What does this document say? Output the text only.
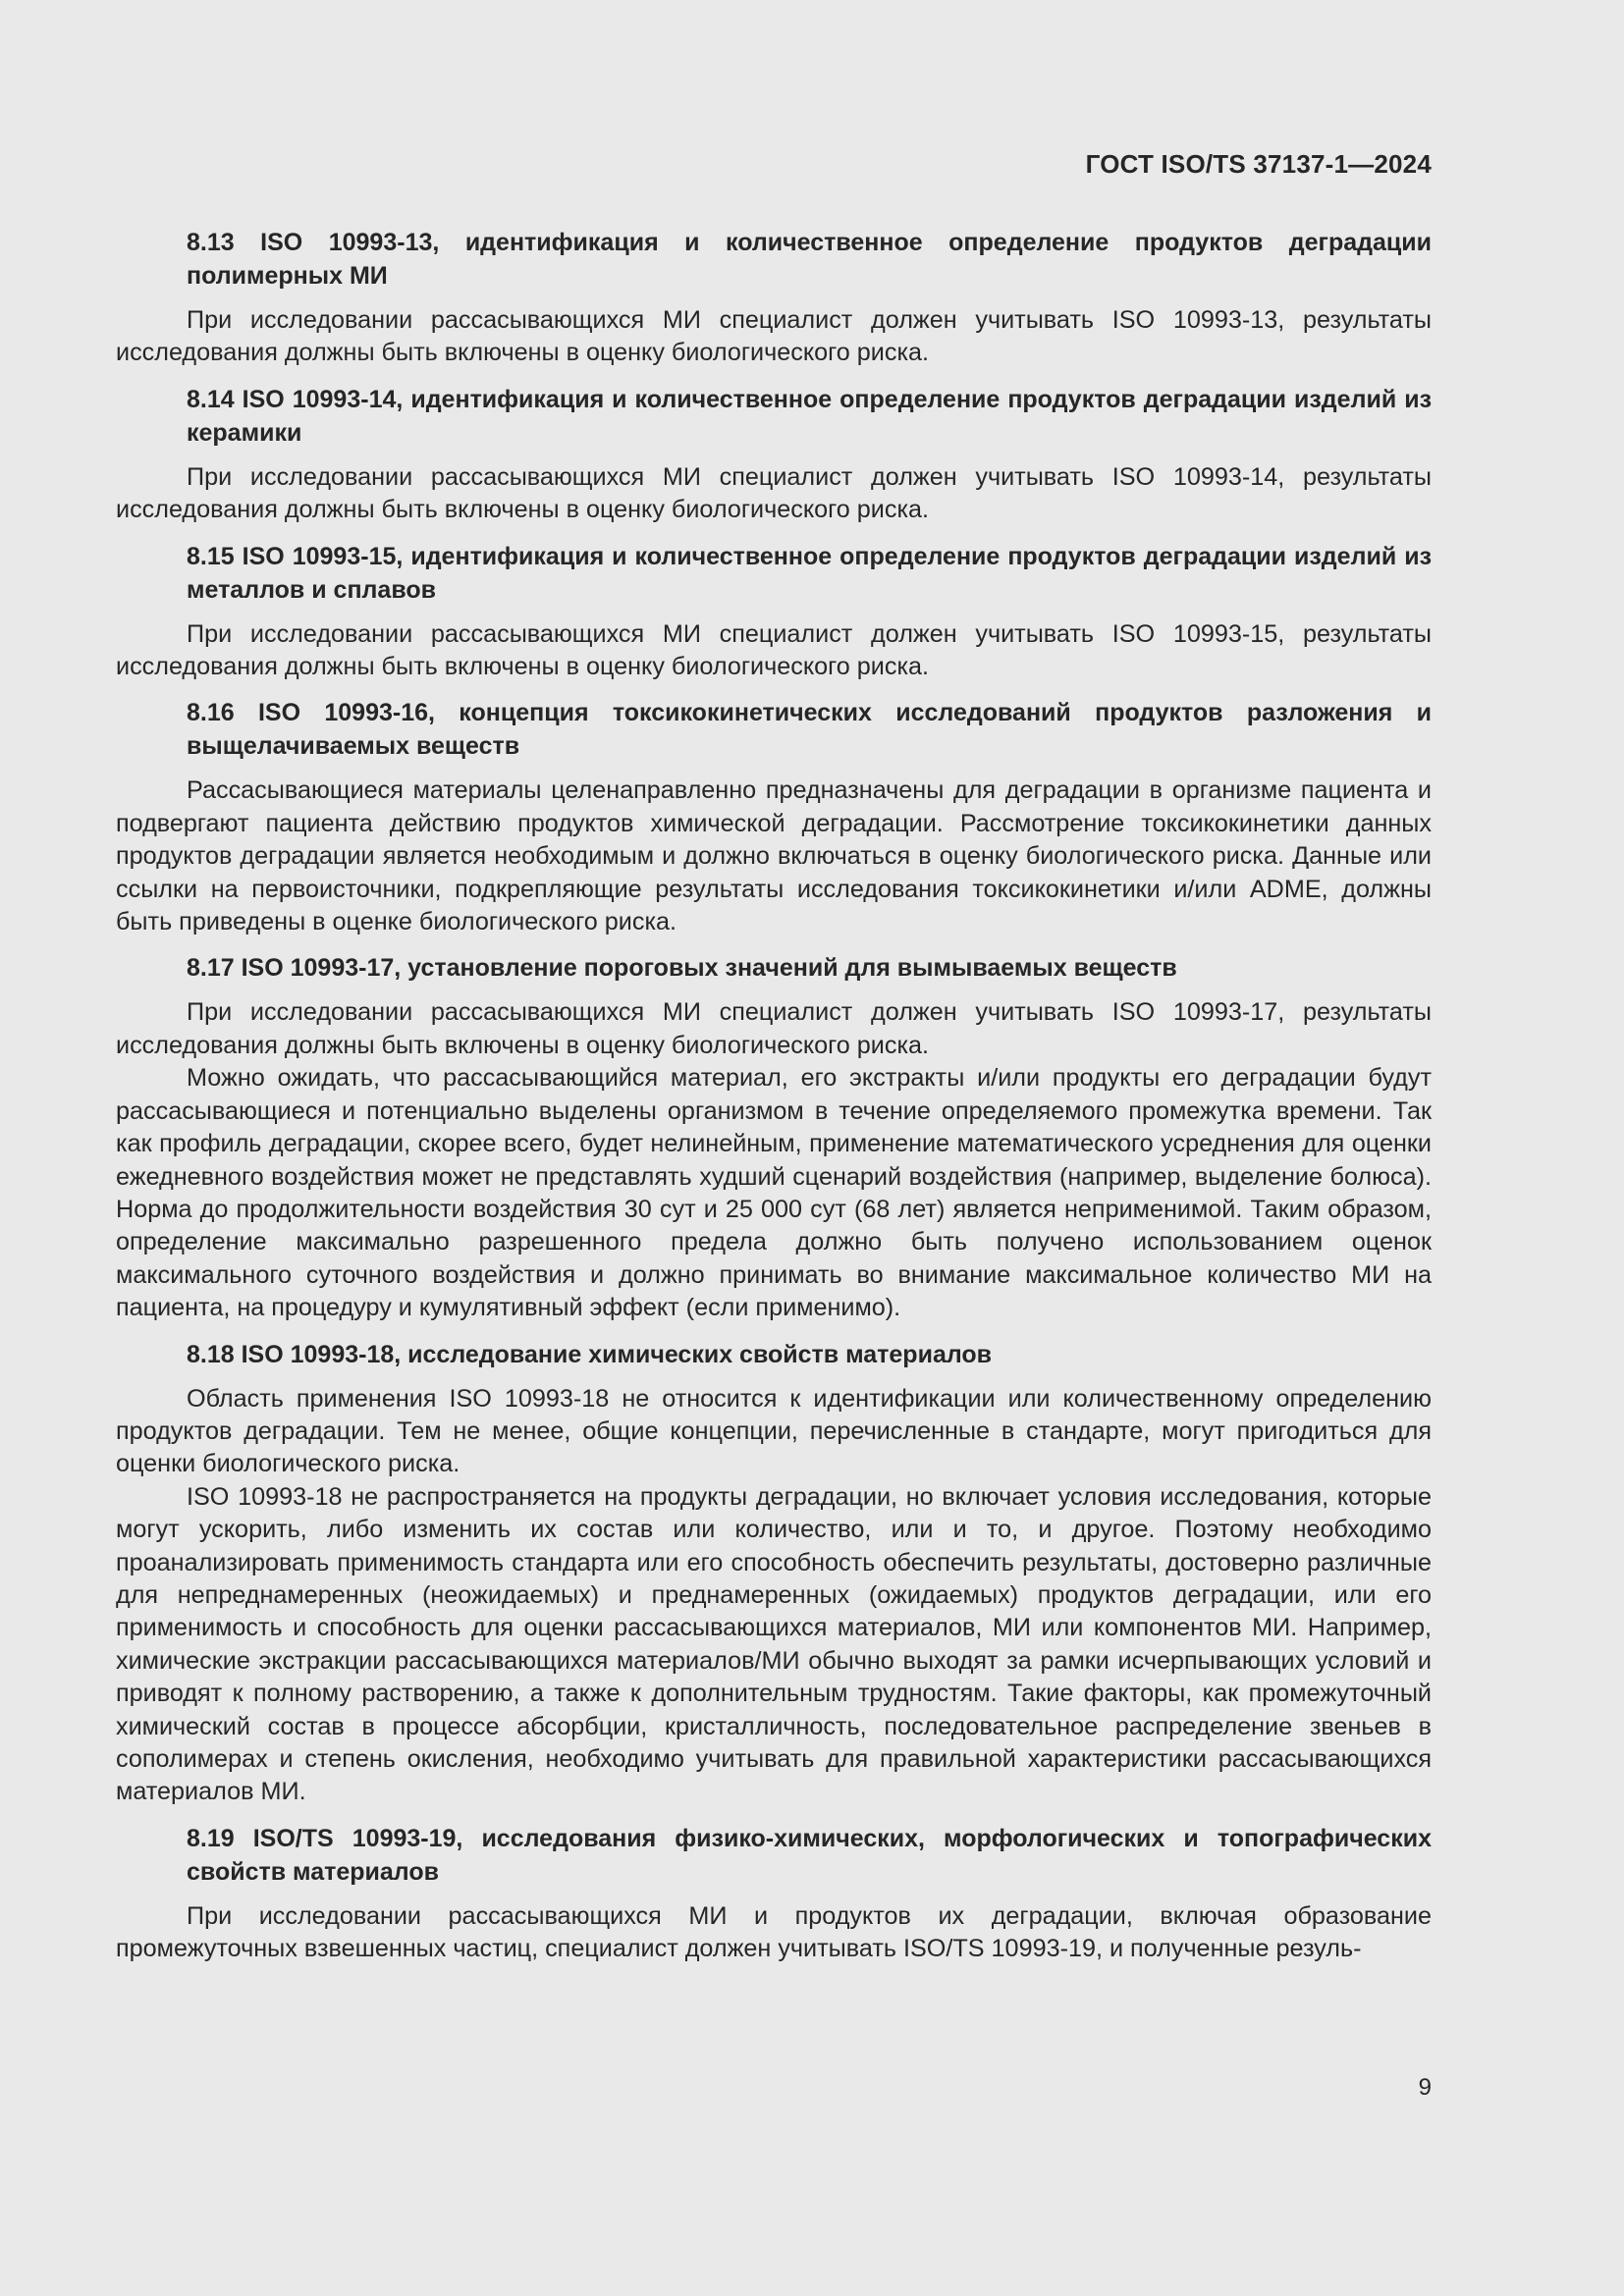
ГОСТ ISO/TS 37137-1—2024

8.13 ISO 10993-13, идентификация и количественное определение продуктов деградации полимерных МИ

При исследовании рассасывающихся МИ специалист должен учитывать ISO 10993-13, результаты исследования должны быть включены в оценку биологического риска.

8.14 ISO 10993-14, идентификация и количественное определение продуктов деградации изделий из керамики

При исследовании рассасывающихся МИ специалист должен учитывать ISO 10993-14, результаты исследования должны быть включены в оценку биологического риска.

8.15 ISO 10993-15, идентификация и количественное определение продуктов деградации изделий из металлов и сплавов

При исследовании рассасывающихся МИ специалист должен учитывать ISO 10993-15, результаты исследования должны быть включены в оценку биологического риска.

8.16 ISO 10993-16, концепция токсикокинетических исследований продуктов разложения и выщелачиваемых веществ

Рассасывающиеся материалы целенаправленно предназначены для деградации в организме пациента и подвергают пациента действию продуктов химической деградации. Рассмотрение токсикокинетики данных продуктов деградации является необходимым и должно включаться в оценку биологического риска. Данные или ссылки на первоисточники, подкрепляющие результаты исследования токсикокинетики и/или ADME, должны быть приведены в оценке биологического риска.

8.17 ISO 10993-17, установление пороговых значений для вымываемых веществ

При исследовании рассасывающихся МИ специалист должен учитывать ISO 10993-17, результаты исследования должны быть включены в оценку биологического риска.

Можно ожидать, что рассасывающийся материал, его экстракты и/или продукты его деградации будут рассасывающиеся и потенциально выделены организмом в течение определяемого промежутка времени. Так как профиль деградации, скорее всего, будет нелинейным, применение математического усреднения для оценки ежедневного воздействия может не представлять худший сценарий воздействия (например, выделение болюса). Норма до продолжительности воздействия 30 сут и 25 000 сут (68 лет) является неприменимой. Таким образом, определение максимально разрешенного предела должно быть получено использованием оценок максимального суточного воздействия и должно принимать во внимание максимальное количество МИ на пациента, на процедуру и кумулятивный эффект (если применимо).

8.18 ISO 10993-18, исследование химических свойств материалов

Область применения ISO 10993-18 не относится к идентификации или количественному определению продуктов деградации. Тем не менее, общие концепции, перечисленные в стандарте, могут пригодиться для оценки биологического риска.

ISO 10993-18 не распространяется на продукты деградации, но включает условия исследования, которые могут ускорить, либо изменить их состав или количество, или и то, и другое. Поэтому необходимо проанализировать применимость стандарта или его способность обеспечить результаты, достоверно различные для непреднамеренных (неожидаемых) и преднамеренных (ожидаемых) продуктов деградации, или его применимость и способность для оценки рассасывающихся материалов, МИ или компонентов МИ. Например, химические экстракции рассасывающихся материалов/МИ обычно выходят за рамки исчерпывающих условий и приводят к полному растворению, а также к дополнительным трудностям. Такие факторы, как промежуточный химический состав в процессе абсорбции, кристалличность, последовательное распределение звеньев в сополимерах и степень окисления, необходимо учитывать для правильной характеристики рассасывающихся материалов МИ.

8.19 ISO/TS 10993-19, исследования физико-химических, морфологических и топографических свойств материалов

При исследовании рассасывающихся МИ и продуктов их деградации, включая образование промежуточных взвешенных частиц, специалист должен учитывать ISO/TS 10993-19, и полученные резуль-

9
